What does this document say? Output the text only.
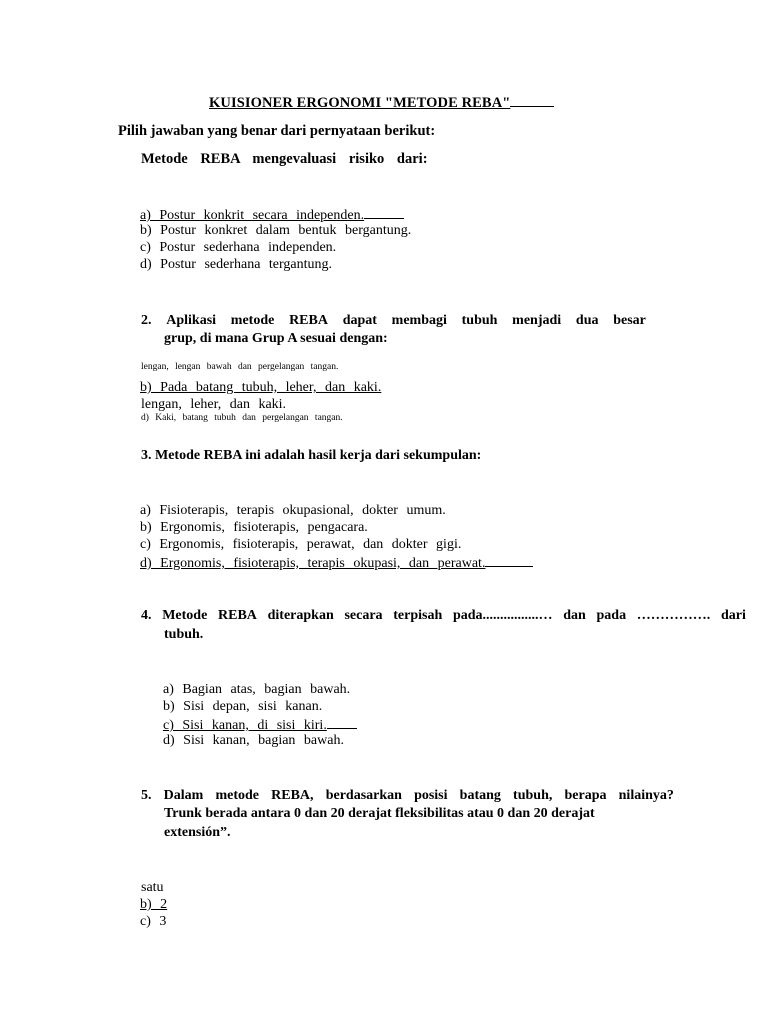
KUISIONER ERGONOMI "METODE REBA"
Pilih jawaban yang benar dari pernyataan berikut:
Metode REBA mengevaluasi risiko dari:
a) Postur konkrit secara independen.
b) Postur konkret dalam bentuk bergantung.
c) Postur sederhana independen.
d) Postur sederhana tergantung.
2. Aplikasi metode REBA dapat membagi tubuh menjadi dua besar
grup, di mana Grup A sesuai dengan:
lengan, lengan bawah dan pergelangan tangan.
b) Pada batang tubuh, leher, dan kaki.
lengan, leher, dan kaki.
d) Kaki, batang tubuh dan pergelangan tangan.
3. Metode REBA ini adalah hasil kerja dari sekumpulan:
a) Fisioterapis, terapis okupasional, dokter umum.
b) Ergonomis, fisioterapis, pengacara.
c) Ergonomis, fisioterapis, perawat, dan dokter gigi.
d) Ergonomis, fisioterapis, terapis okupasi, dan perawat.
4. Metode REBA diterapkan secara terpisah pada................… dan pada ……………. dari
tubuh.
a) Bagian atas, bagian bawah.
b) Sisi depan, sisi kanan.
c) Sisi kanan, di sisi kiri.
d) Sisi kanan, bagian bawah.
5. Dalam metode REBA, berdasarkan posisi batang tubuh, berapa nilainya?
Trunk berada antara 0 dan 20 derajat fleksibilitas atau 0 dan 20 derajat
extensión”.
satu
b) 2
c) 3
